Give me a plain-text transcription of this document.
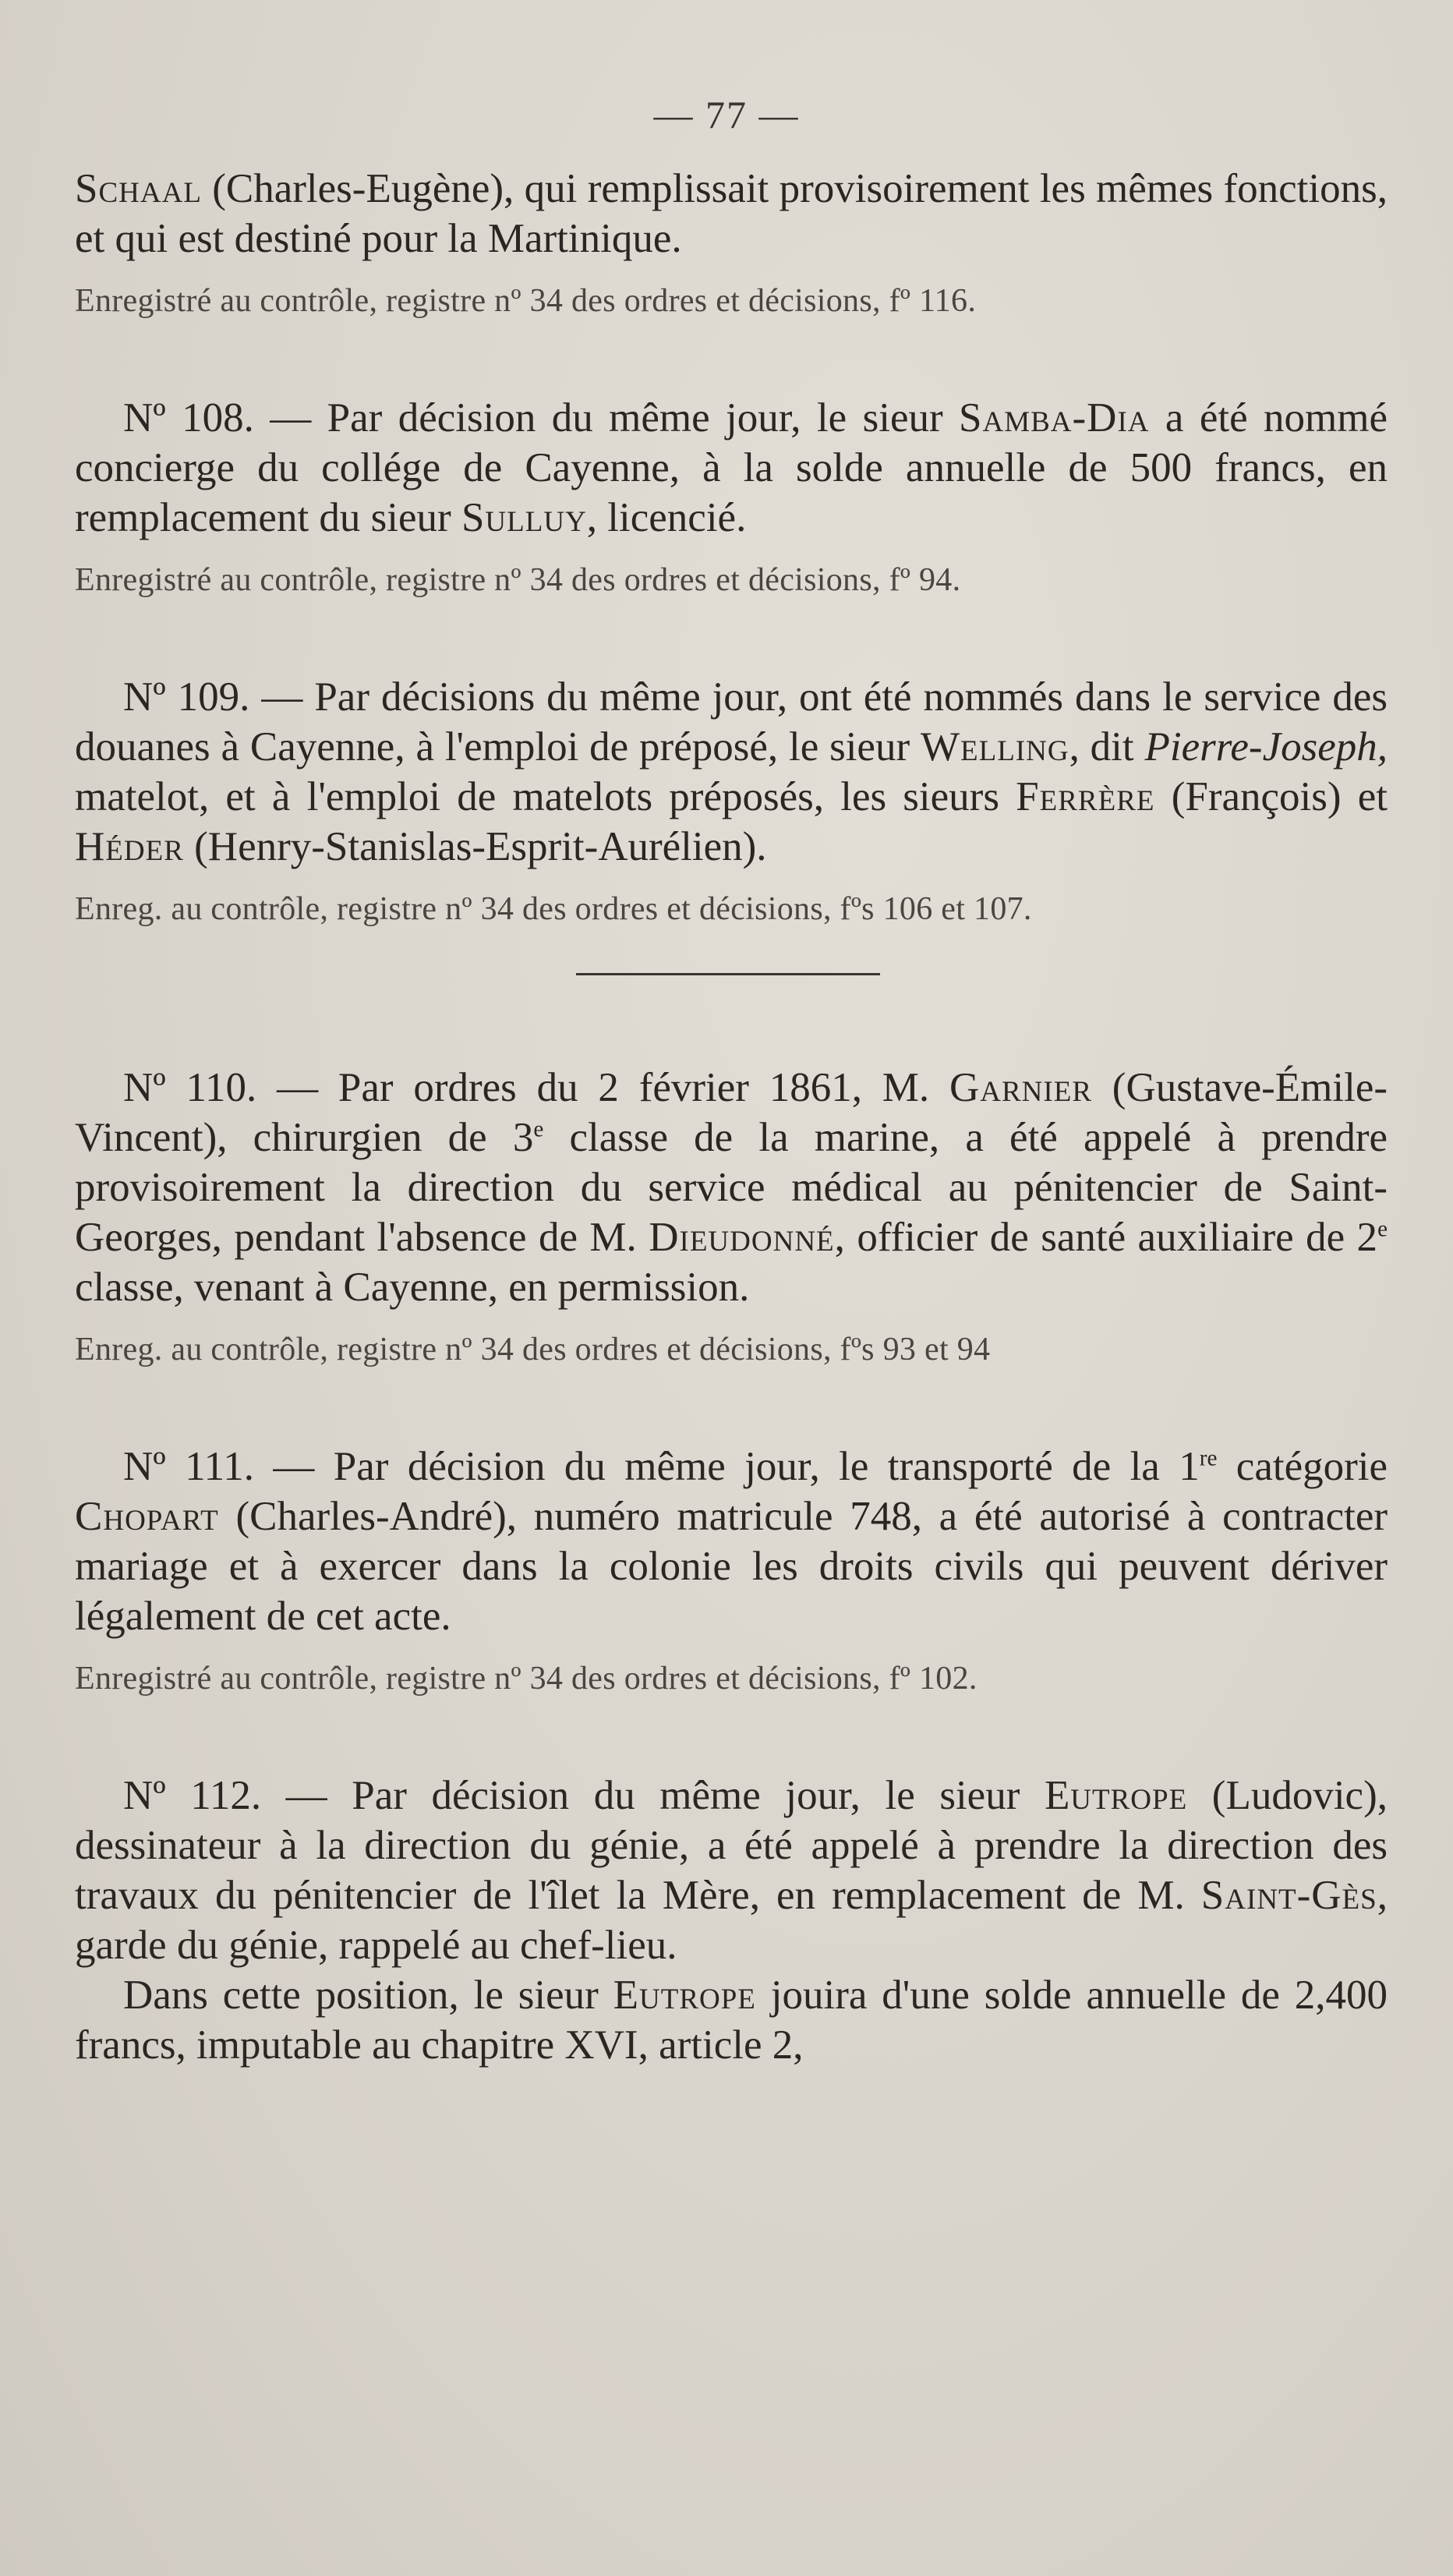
— 77 —

Schaal (Charles-Eugène), qui remplissait provisoirement les mêmes fonctions, et qui est destiné pour la Martinique.

Enregistré au contrôle, registre nº 34 des ordres et décisions, fº 116.

Nº 108. — Par décision du même jour, le sieur Samba-Dia a été nommé concierge du collége de Cayenne, à la solde annuelle de 500 francs, en remplacement du sieur Sulluy, licencié.

Enregistré au contrôle, registre nº 34 des ordres et décisions, fº 94.

Nº 109. — Par décisions du même jour, ont été nommés dans le service des douanes à Cayenne, à l'emploi de préposé, le sieur Welling, dit Pierre-Joseph, matelot, et à l'emploi de matelots préposés, les sieurs Ferrère (François) et Héder (Henry-Stanislas-Esprit-Aurélien).

Enreg. au contrôle, registre nº 34 des ordres et décisions, fºs 106 et 107.

Nº 110. — Par ordres du 2 février 1861, M. Garnier (Gustave-Émile-Vincent), chirurgien de 3e classe de la marine, a été appelé à prendre provisoirement la direction du service médical au pénitencier de Saint-Georges, pendant l'absence de M. Dieudonné, officier de santé auxiliaire de 2e classe, venant à Cayenne, en permission.

Enreg. au contrôle, registre nº 34 des ordres et décisions, fºs 93 et 94

Nº 111. — Par décision du même jour, le transporté de la 1re catégorie Chopart (Charles-André), numéro matricule 748, a été autorisé à contracter mariage et à exercer dans la colonie les droits civils qui peuvent dériver légalement de cet acte.

Enregistré au contrôle, registre nº 34 des ordres et décisions, fº 102.

Nº 112. — Par décision du même jour, le sieur Eutrope (Ludovic), dessinateur à la direction du génie, a été appelé à prendre la direction des travaux du pénitencier de l'îlet la Mère, en remplacement de M. Saint-Gès, garde du génie, rappelé au chef-lieu.

Dans cette position, le sieur Eutrope jouira d'une solde annuelle de 2,400 francs, imputable au chapitre XVI, article 2,
